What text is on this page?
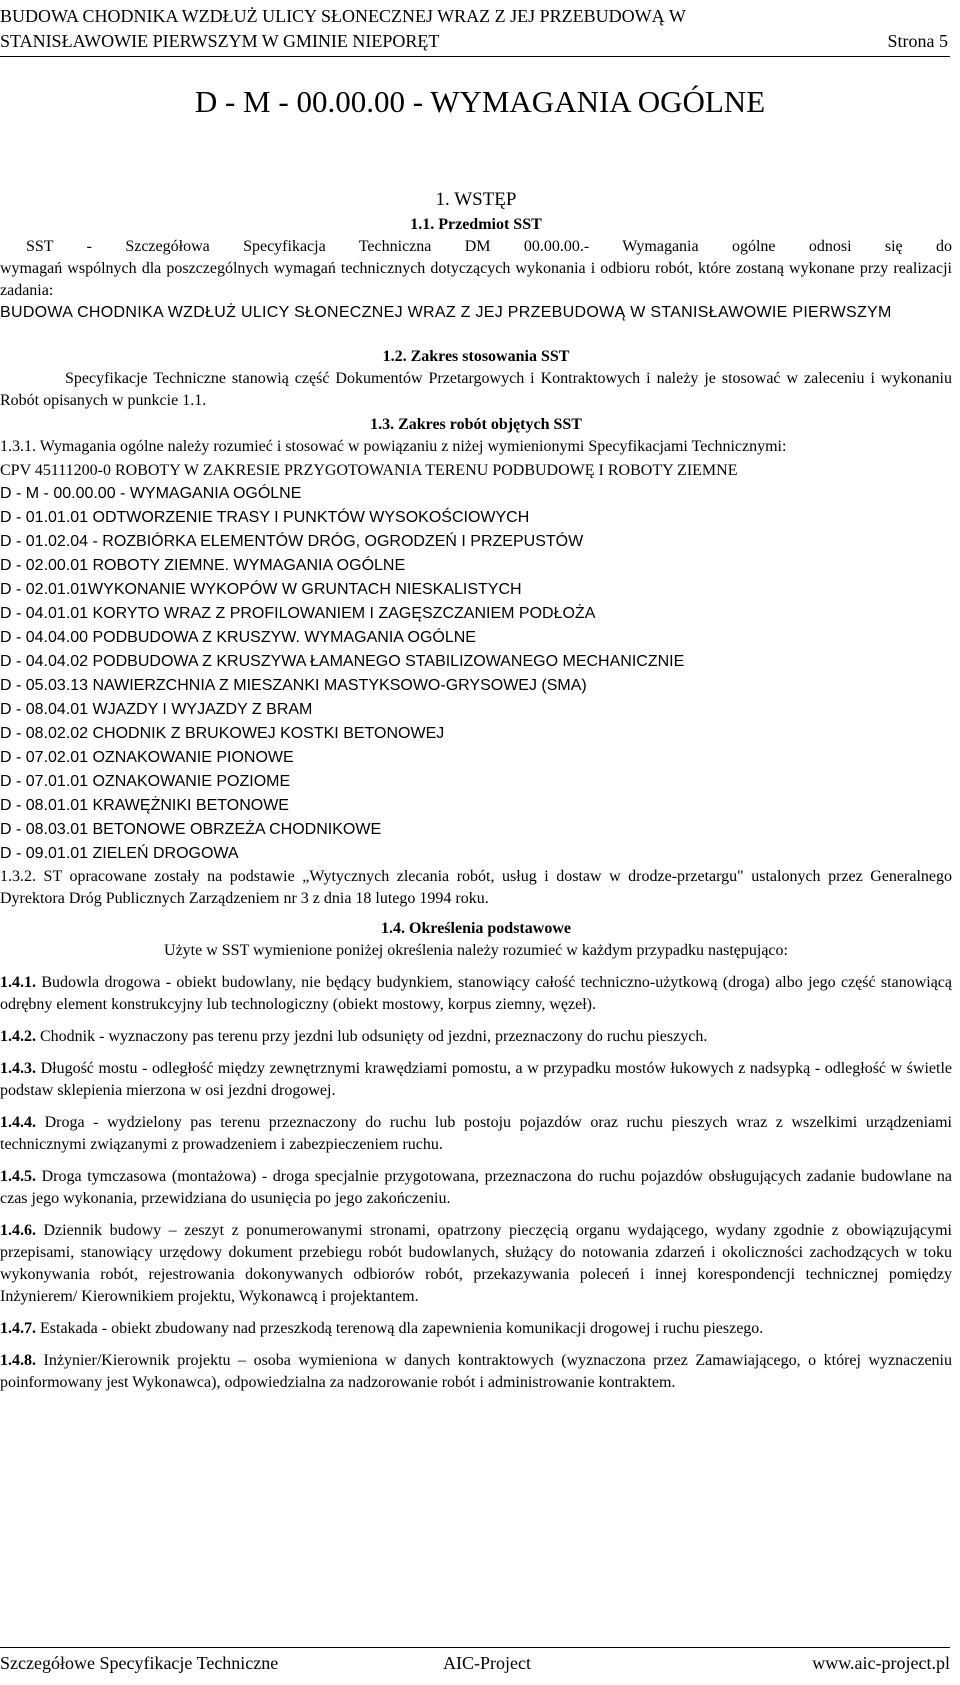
BUDOWA CHODNIKA WZDŁUŻ ULICY SŁONECZNEJ WRAZ Z JEJ PRZEBUDOWĄ W
STANISŁAWOWIE PIERWSZYM W GMINIE NIEPORĘT	Strona 5
D - M - 00.00.00 - WYMAGANIA OGÓLNE
1. WSTĘP
1.1. Przedmiot SST
SST - Szczegółowa Specyfikacja Techniczna DM 00.00.00.- Wymagania ogólne odnosi się do
wymagań wspólnych dla poszczególnych wymagań technicznych dotyczących wykonania i odbioru robót, które zostaną wykonane przy realizacji zadania:
BUDOWA CHODNIKA WZDŁUŻ ULICY SŁONECZNEJ WRAZ Z JEJ PRZEBUDOWĄ W STANISŁAWOWIE PIERWSZYM
1.2. Zakres stosowania SST
Specyfikacje Techniczne stanowią część Dokumentów Przetargowych i Kontraktowych i należy je stosować w zaleceniu i wykonaniu Robót opisanych w punkcie 1.1.
1.3. Zakres robót objętych SST
1.3.1. Wymagania ogólne należy rozumieć i stosować w powiązaniu z niżej wymienionymi Specyfikacjami Technicznymi:
CPV 45111200-0 ROBOTY W ZAKRESIE PRZYGOTOWANIA TERENU PODBUDOWĘ I ROBOTY ZIEMNE
D - M - 00.00.00 - WYMAGANIA OGÓLNE
D - 01.01.01 ODTWORZENIE TRASY I PUNKTÓW WYSOKOŚCIOWYCH
D - 01.02.04 - ROZBIÓRKA ELEMENTÓW DRÓG, OGRODZEŃ I PRZEPUSTÓW
D - 02.00.01 ROBOTY ZIEMNE. WYMAGANIA OGÓLNE
D - 02.01.01WYKONANIE WYKOPÓW W GRUNTACH NIESKALISTYCH
D - 04.01.01 KORYTO WRAZ Z PROFILOWANIEM I ZAGĘSZCZANIEM PODŁOŻA
D - 04.04.00 PODBUDOWA Z KRUSZYW. WYMAGANIA OGÓLNE
D - 04.04.02 PODBUDOWA Z KRUSZYWA ŁAMANEGO STABILIZOWANEGO MECHANICZNIE
D - 05.03.13 NAWIERZCHNIA Z MIESZANKI MASTYKSOWO-GRYSOWEJ (SMA)
D - 08.04.01 WJAZDY I WYJAZDY Z BRAM
D - 08.02.02 CHODNIK Z BRUKOWEJ KOSTKI BETONOWEJ
D - 07.02.01 OZNAKOWANIE PIONOWE
D - 07.01.01 OZNAKOWANIE POZIOME
D - 08.01.01 KRAWĘŻNIKI BETONOWE
D - 08.03.01 BETONOWE OBRZEŻA CHODNIKOWE
D - 09.01.01 ZIELEŃ DROGOWA
1.3.2. ST opracowane zostały na podstawie „Wytycznych zlecania robót, usług i dostaw w drodze-przetargu" ustalonych przez Generalnego Dyrektora Dróg Publicznych Zarządzeniem nr 3 z dnia 18 lutego 1994 roku.
1.4. Określenia podstawowe
Użyte w SST wymienione poniżej określenia należy rozumieć w każdym przypadku następująco:
1.4.1. Budowla drogowa - obiekt budowlany, nie będący budynkiem, stanowiący całość techniczno-użytkową (droga) albo jego część stanowiącą odrębny element konstrukcyjny lub technologiczny (obiekt mostowy, korpus ziemny, węzeł).
1.4.2. Chodnik - wyznaczony pas terenu przy jezdni lub odsunięty od jezdni, przeznaczony do ruchu pieszych.
1.4.3. Długość mostu - odległość między zewnętrznymi krawędziami pomostu, a w przypadku mostów łukowych z nadsypką - odległość w świetle podstaw sklepienia mierzona w osi jezdni drogowej.
1.4.4. Droga - wydzielony pas terenu przeznaczony do ruchu lub postoju pojazdów oraz ruchu pieszych wraz z wszelkimi urządzeniami technicznymi związanymi z prowadzeniem i zabezpieczeniem ruchu.
1.4.5. Droga tymczasowa (montażowa) - droga specjalnie przygotowana, przeznaczona do ruchu pojazdów obsługujących zadanie budowlane na czas jego wykonania, przewidziana do usunięcia po jego zakończeniu.
1.4.6. Dziennik budowy – zeszyt z ponumerowanymi stronami, opatrzony pieczęcią organu wydającego, wydany zgodnie z obowiązującymi przepisami, stanowiący urzędowy dokument przebiegu robót budowlanych, służący do notowania zdarzeń i okoliczności zachodzących w toku wykonywania robót, rejestrowania dokonywanych odbiorów robót, przekazywania poleceń i innej korespondencji technicznej pomiędzy Inżynierem/ Kierownikiem projektu, Wykonawcą i projektantem.
1.4.7. Estakada - obiekt zbudowany nad przeszkodą terenową dla zapewnienia komunikacji drogowej i ruchu pieszego.
1.4.8. Inżynier/Kierownik projektu – osoba wymieniona w danych kontraktowych (wyznaczona przez Zamawiającego, o której wyznaczeniu poinformowany jest Wykonawca), odpowiedzialna za nadzorowanie robót i administrowanie kontraktem.
Szczegółowe Specyfikacje Techniczne	AIC-Project	www.aic-project.pl
